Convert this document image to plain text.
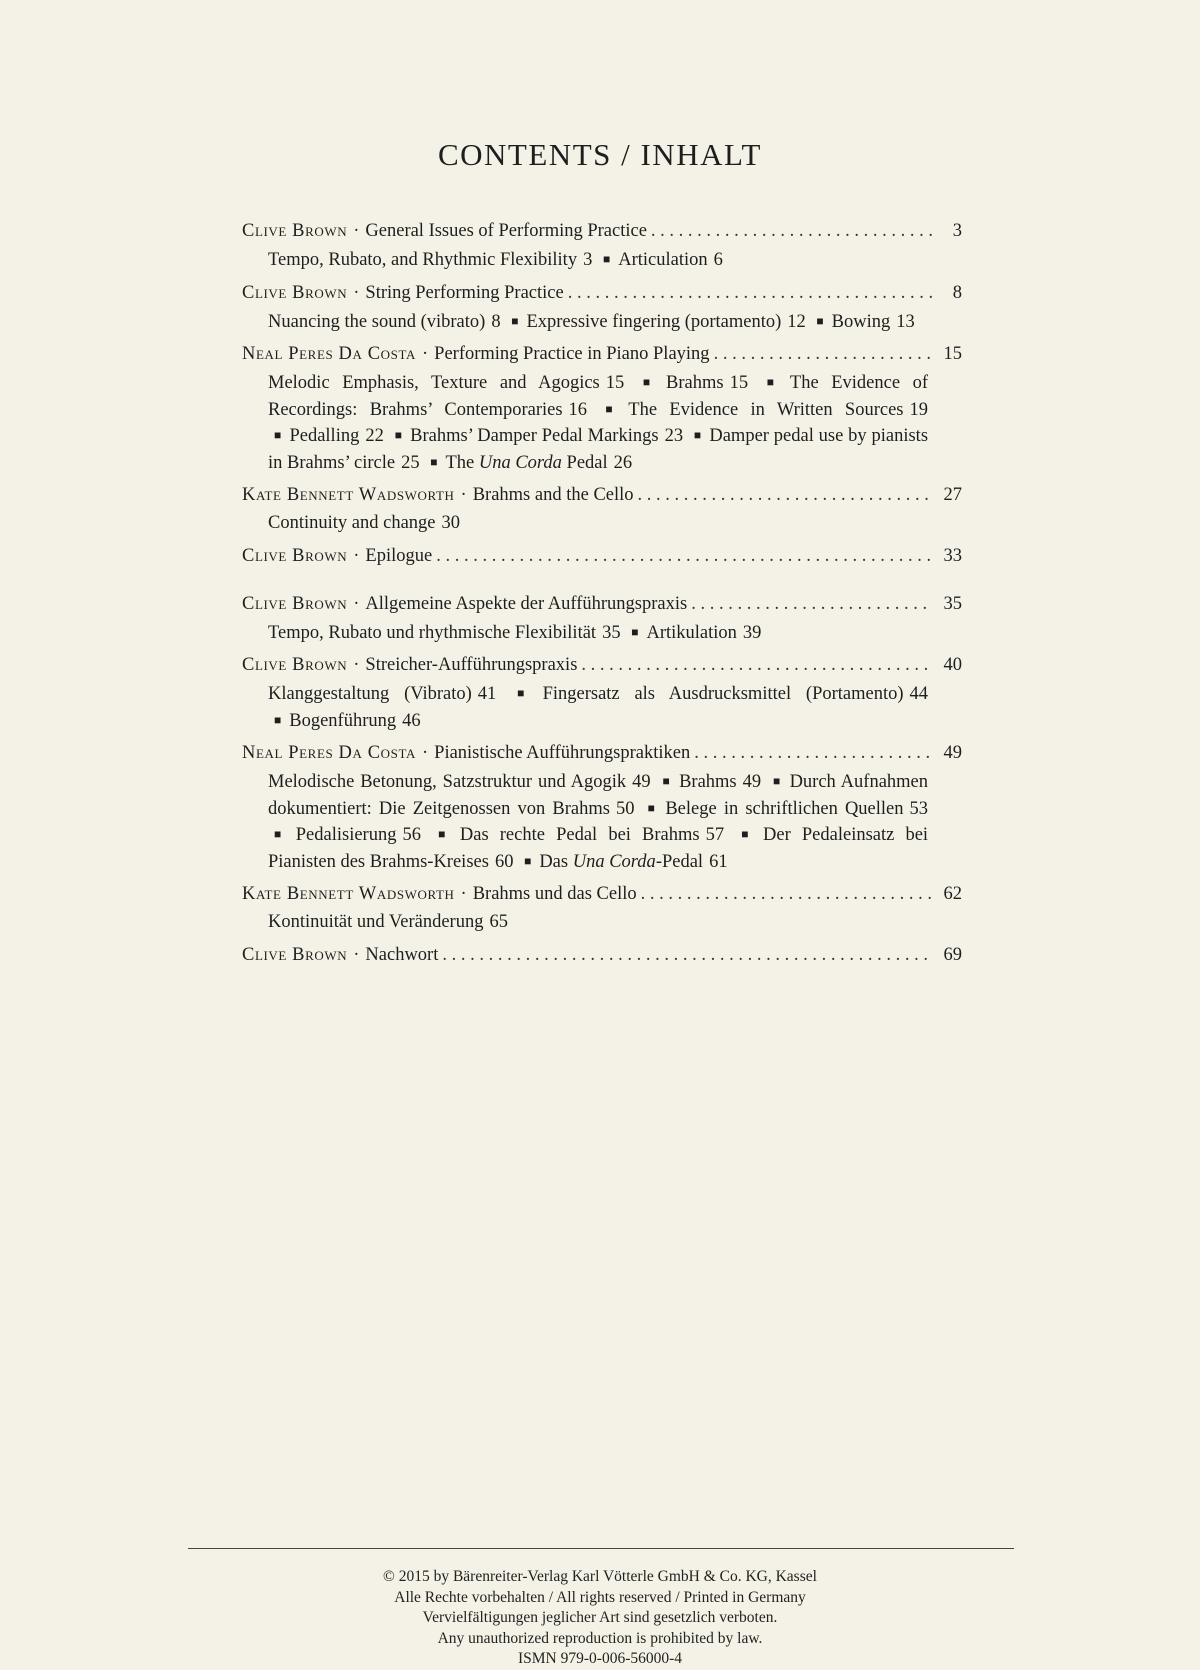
CONTENTS / INHALT
Clive Brown · General Issues of Performing Practice . . .	3
Tempo, Rubato, and Rhythmic Flexibility 3 ■ Articulation 6
Clive Brown · String Performing Practice . . .	8
Nuancing the sound (vibrato) 8 ■ Expressive fingering (portamento) 12 ■ Bowing 13
Neal Peres Da Costa · Performing Practice in Piano Playing . . .	15
Melodic Emphasis, Texture and Agogics 15 ■ Brahms 15 ■ The Evidence of Recordings: Brahms’ Contemporaries 16 ■ The Evidence in Written Sources 19 ■ Pedalling 22 ■ Brahms’ Damper Pedal Markings 23 ■ Damper pedal use by pianists in Brahms’ circle 25 ■ The Una Corda Pedal 26
Kate Bennett Wadsworth · Brahms and the Cello . . .	27
Continuity and change 30
Clive Brown · Epilogue . . .	33
Clive Brown · Allgemeine Aspekte der Aufführungspraxis . . .	35
Tempo, Rubato und rhythmische Flexibilität 35 ■ Artikulation 39
Clive Brown · Streicher-Aufführungspraxis . . .	40
Klanggestaltung (Vibrato) 41 ■ Fingersatz als Ausdrucksmittel (Portamento) 44 ■ Bogenführung 46
Neal Peres Da Costa · Pianistische Aufführungspraktiken . . .	49
Melodische Betonung, Satzstruktur und Agogik 49 ■ Brahms 49 ■ Durch Aufnahmen dokumentiert: Die Zeitgenossen von Brahms 50 ■ Belege in schriftlichen Quellen 53 ■ Pedalisierung 56 ■ Das rechte Pedal bei Brahms 57 ■ Der Pedaleinsatz bei Pianisten des Brahms-Kreises 60 ■ Das Una Corda-Pedal 61
Kate Bennett Wadsworth · Brahms und das Cello . . .	62
Kontinuität und Veränderung 65
Clive Brown · Nachwort . . .	69
© 2015 by Bärenreiter-Verlag Karl Vötterle GmbH & Co. KG, Kassel
Alle Rechte vorbehalten / All rights reserved / Printed in Germany
Vervielfältigungen jeglicher Art sind gesetzlich verboten.
Any unauthorized reproduction is prohibited by law.
ISMN 979-0-006-56000-4
